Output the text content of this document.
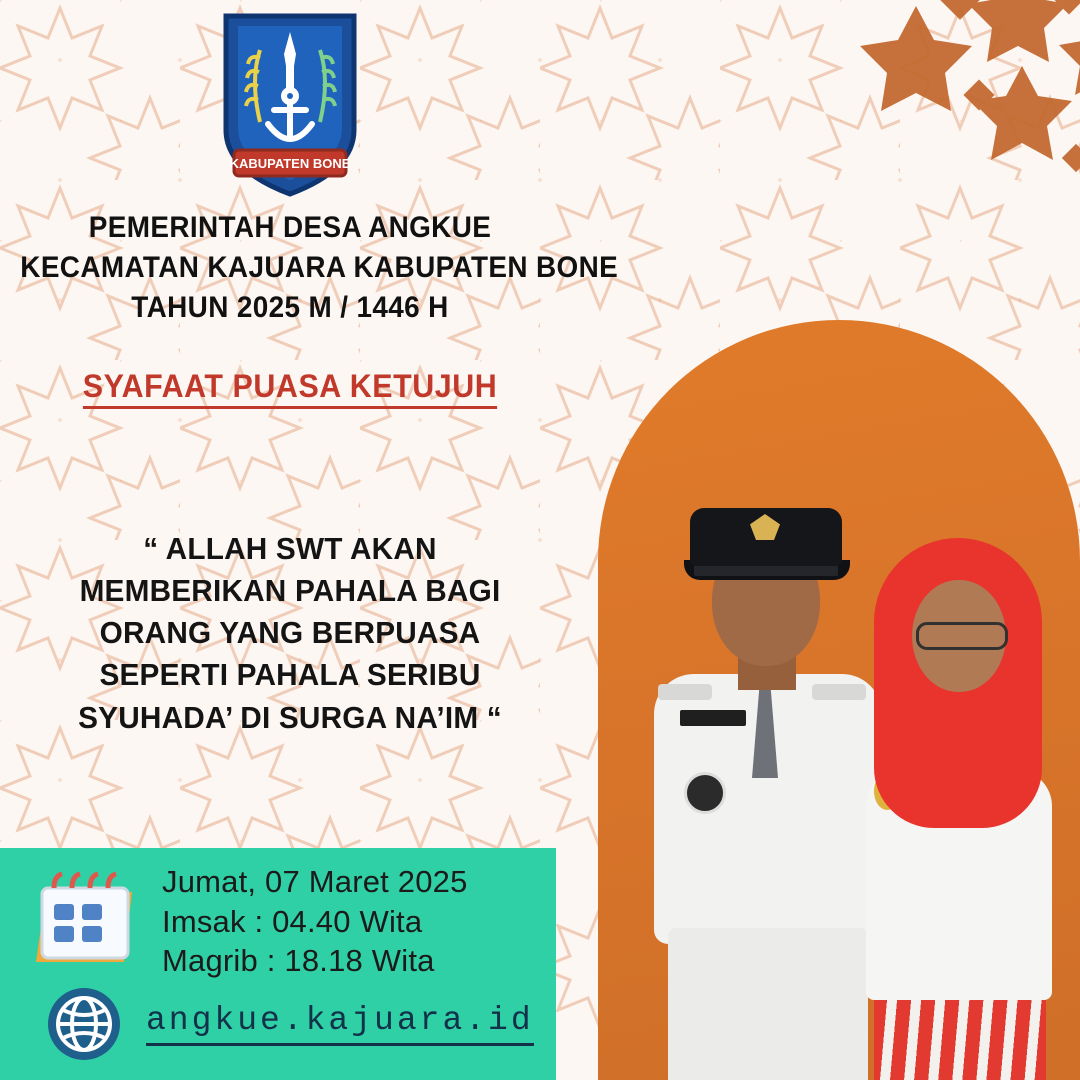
KABUPATEN BONE
PEMERINTAH DESA ANGKUE
KECAMATAN KAJUARA KABUPATEN BONE
TAHUN 2025 M / 1446 H
SYAFAAT PUASA KETUJUH
“ ALLAH SWT AKAN
MEMBERIKAN PAHALA BAGI
ORANG YANG BERPUASA
SEPERTI PAHALA SERIBU
SYUHADA’ DI SURGA NA’IM “
Jumat, 07 Maret 2025
Imsak : 04.40 Wita
Magrib : 18.18 Wita
angkue.kajuara.id
